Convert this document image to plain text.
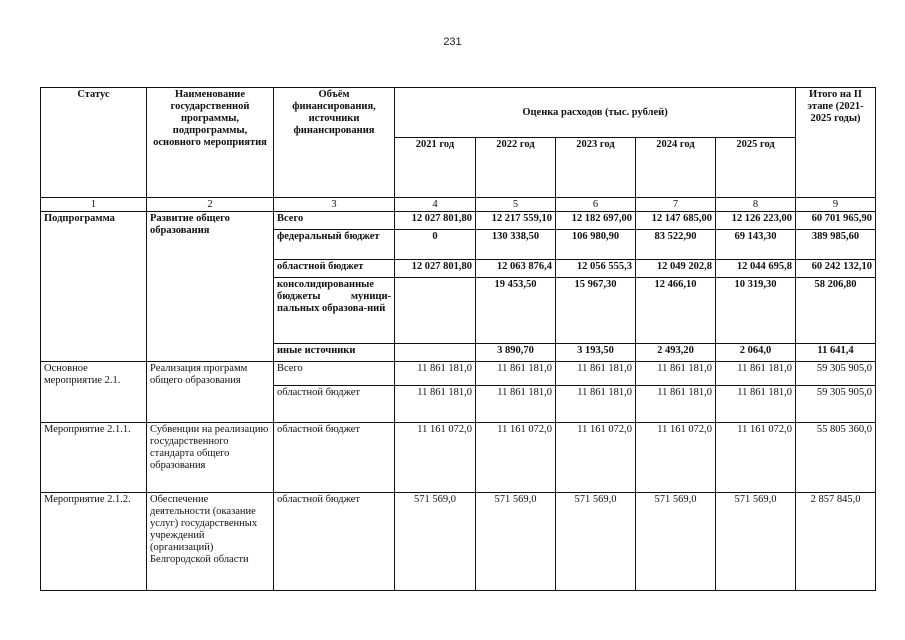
231
Статус	Наименование государственной программы, подпрограммы, основного мероприятия	Объём финансирования, источники финансирования	Оценка расходов (тыс. рублей)					Итого на II этапе (2021-2025 годы)
			2021 год	2022 год	2023 год	2024 год	2025 год	
1	2	3	4	5	6	7	8	9
Подпрограмма	Развитие общего образования	Всего	12 027 801,80	12 217 559,10	12 182 697,00	12 147 685,00	12 126 223,00	60 701 965,90
		федеральный бюджет	0	130 338,50	106 980,90	83 522,90	69 143,30	389 985,60
		областной бюджет	12 027 801,80	12 063 876,4	12 056 555,3	12 049 202,8	12 044 695,8	60 242 132,10
		консолидированные бюджеты муници-пальных образова-ний		19 453,50	15 967,30	12 466,10	10 319,30	58 206,80
		иные источники		3 890,70	3 193,50	2 493,20	2 064,0	11 641,4
Основное мероприятие 2.1.	Реализация программ общего образования	Всего	11 861 181,0	11 861 181,0	11 861 181,0	11 861 181,0	11 861 181,0	59 305 905,0
		областной бюджет	11 861 181,0	11 861 181,0	11 861 181,0	11 861 181,0	11 861 181,0	59 305 905,0
Мероприятие 2.1.1.	Субвенции на реализацию государственного стандарта общего образования	областной бюджет	11 161 072,0	11 161 072,0	11 161 072,0	11 161 072,0	11 161 072,0	55 805 360,0
Мероприятие 2.1.2.	Обеспечение деятельности (оказание услуг) государственных учреждений (организаций) Белгородской области	областной бюджет	571 569,0	571 569,0	571 569,0	571 569,0	571 569,0	2 857 845,0
